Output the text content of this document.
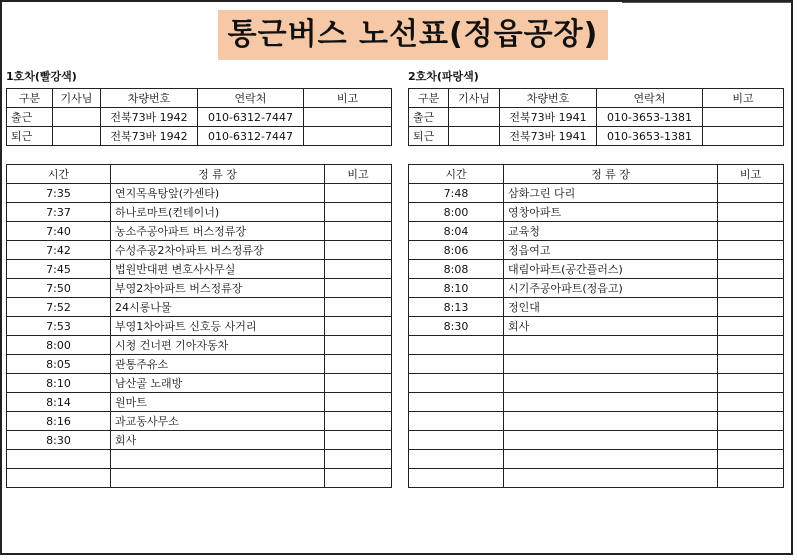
통근버스 노선표(정읍공장)
1호차(빨강색)
구분	기사님	차량번호	연락처	비고
출근		전북73바 1942	010-6312-7447	
퇴근		전북73바 1942	010-6312-7447	
시간	정 류 장	비고
7:35	연지목욕탕앞(카센타)	
7:37	하나로마트(컨테이너)	
7:40	농소주공아파트 버스정류장	
7:42	수성주공2차아파트 버스정류장	
7:45	법원반대편 변호사사무실	
7:50	부영2차아파트 버스정류장	
7:52	24시롱나물	
7:53	부영1차아파트 신호등 사거리	
8:00	시청 건너편 기아자동차	
8:05	관통주유소	
8:10	남산골 노래방	
8:14	원마트	
8:16	과교동사무소	
8:30	회사	

2호차(파랑색)
구분	기사님	차량번호	연락처	비고
출근		전북73바 1941	010-3653-1381	
퇴근		전북73바 1941	010-3653-1381	
시간	정 류 장	비고
7:48	삼화그린 다리	
8:00	영창아파트	
8:04	교육청	
8:06	정읍여고	
8:08	대림아파트(공간플러스)	
8:10	시기주공아파트(정읍고)	
8:13	정인대	
8:30	회사	
